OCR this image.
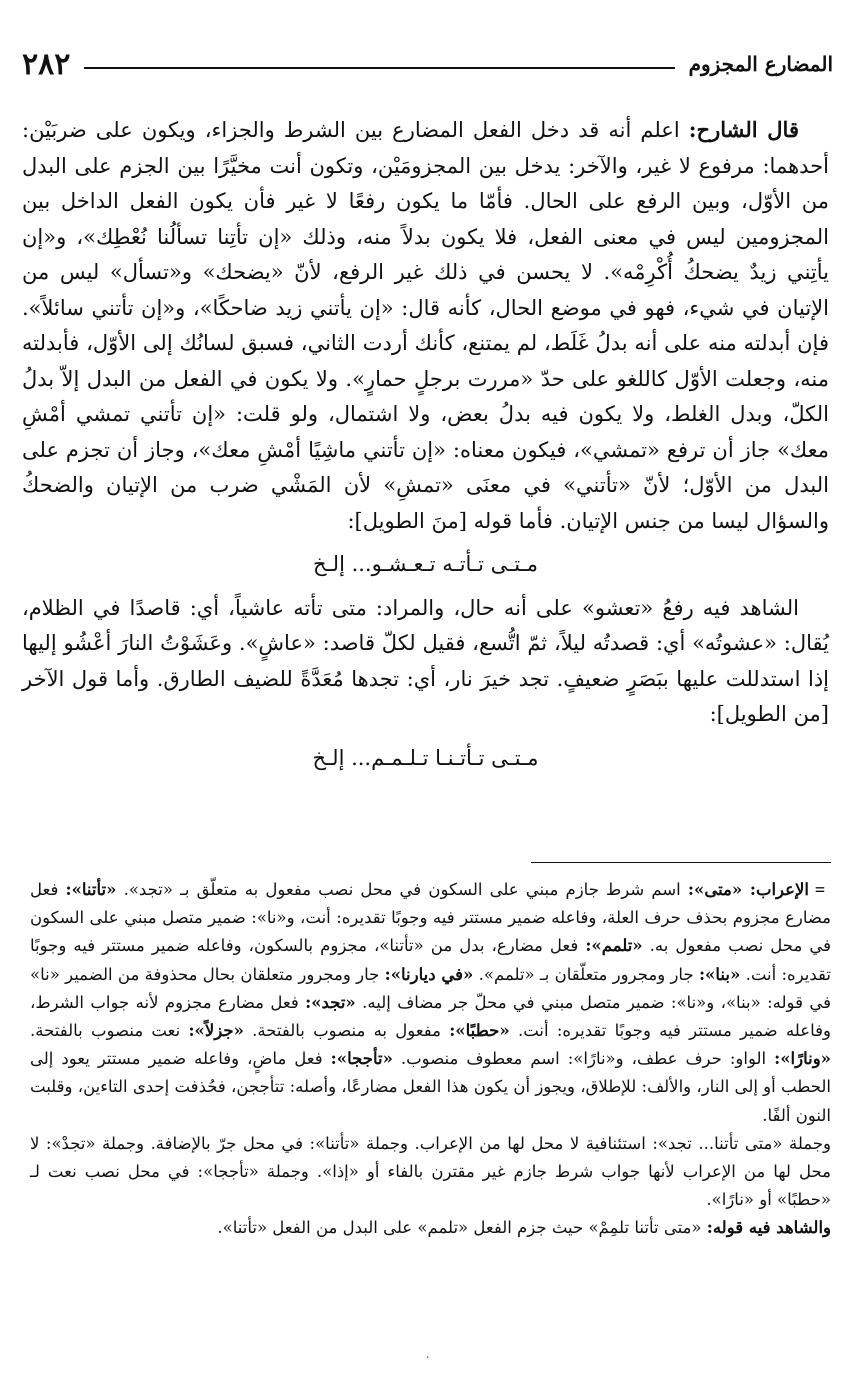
٢٨٢	المضارع المجزوم

قال الشارح: اعلم أنه قد دخل الفعل المضارع بين الشرط والجزاء، ويكون على ضربَيْن: أحدهما: مرفوع لا غير، والآخر: يدخل بين المجزومَيْن، وتكون أنت مخيَّرًا بين الجزم على البدل من الأوّل، وبين الرفع على الحال. فأمّا ما يكون رفعًا لا غير فأن يكون الفعل الداخل بين المجزومين ليس في معنى الفعل، فلا يكون بدلاً منه، وذلك «إن تأتِنا تسألُنا نُعْطِك»، و«إن يأتِني زيدٌ يضحكُ أُكْرِمْه». لا يحسن في ذلك غير الرفع، لأنّ «يضحك» و«تسأل» ليس من الإتيان في شيء، فهو في موضع الحال، كأنه قال: «إن يأتني زيد ضاحكًا»، و«إن تأتني سائلاً». فإن أبدلته منه على أنه بدلُ غَلَط، لم يمتنع، كأنك أردت الثاني، فسبق لسانُك إلى الأوّل، فأبدلته منه، وجعلت الأوّل كاللغو على حدّ «مررت برجلٍ حمارٍ». ولا يكون في الفعل من البدل إلاّ بدلُ الكلّ، وبدل الغلط، ولا يكون فيه بدلُ بعض، ولا اشتمال، ولو قلت: «إن تأتني تمشي أمْشِ معك» جاز أن ترفع «تمشي»، فيكون معناه: «إن تأتني ماشِيًا أمْشِ معك»، وجاز أن تجزم على البدل من الأوّل؛ لأنّ «تأتني» في معنَى «تمشِ» لأن المَشْي ضرب من الإتيان والضحكُ والسؤال ليسا من جنس الإتيان. فأما قوله [منَ الطويل]:

مـتـى تـأتـه تـعـشـو... إلـخ

الشاهد فيه رفعُ «تعشو» على أنه حال، والمراد: متى تأته عاشياً، أي: قاصدًا في الظلام، يُقال: «عشوتُه» أي: قصدتُه ليلاً، ثمّ اتُّسع، فقيل لكلّ قاصد: «عاشٍ». وعَشَوْتُ النارَ أعْشُو إليها إذا استدللت عليها ببَصَرٍ ضعيفٍ. تجد خيرَ نار، أي: تجدها مُعَدَّةً للضيف الطارق. وأما قول الآخر [من الطويل]:

مـتـى تـأتـنـا تـلـمـم... إلـخ

=الإعراب: «متى»: اسم شرط جازم مبني على السكون في محل نصب مفعول به متعلّق بـ «تجد». «تأتنا»: فعل مضارع مجزوم بحذف حرف العلة، وفاعله ضمير مستتر فيه وجوبًا تقديره: أنت، و«نا»: ضمير متصل مبني على السكون في محل نصب مفعول به. «تلمم»: فعل مضارع، بدل من «تأتنا»، مجزوم بالسكون، وفاعله ضمير مستتر فيه وجوبًا تقديره: أنت. «بنا»: جار ومجرور متعلّقان بـ «تلمم». «في ديارنا»: جار ومجرور متعلقان بحال محذوفة من الضمير «نا» في قوله: «بنا»، و«نا»: ضمير متصل مبني في محلّ جر مضاف إليه. «تجد»: فعل مضارع مجزوم لأنه جواب الشرط، وفاعله ضمير مستتر فيه وجوبًا تقديره: أنت. «حطبًا»: مفعول به منصوب بالفتحة. «جزلاً»: نعت منصوب بالفتحة. «ونارًا»: الواو: حرف عطف، و«نارًا»: اسم معطوف منصوب. «تأججا»: فعل ماضٍ، وفاعله ضمير مستتر يعود إلى الحطب أو إلى النار، والألف: للإطلاق، ويجوز أن يكون هذا الفعل مضارعًا، وأصله: تتأججن، فحُذفت إحدى التاءين، وقلبت النون ألفًا.

وجملة «متى تأتنا... تجد»: استئنافية لا محل لها من الإعراب. وجملة «تأتنا»: في محل جرّ بالإضافة. وجملة «تجدْ»: لا محل لها من الإعراب لأنها جواب شرط جازم غير مقترن بالفاء أو «إذا». وجملة «تأججا»: في محل نصب نعت لـ «حطبًا» أو «نارًا».

والشاهد فيه قوله: «متى تأتنا تلمِمْ» حيث جزم الفعل «تلمم» على البدل من الفعل «تأتنا».

٠
